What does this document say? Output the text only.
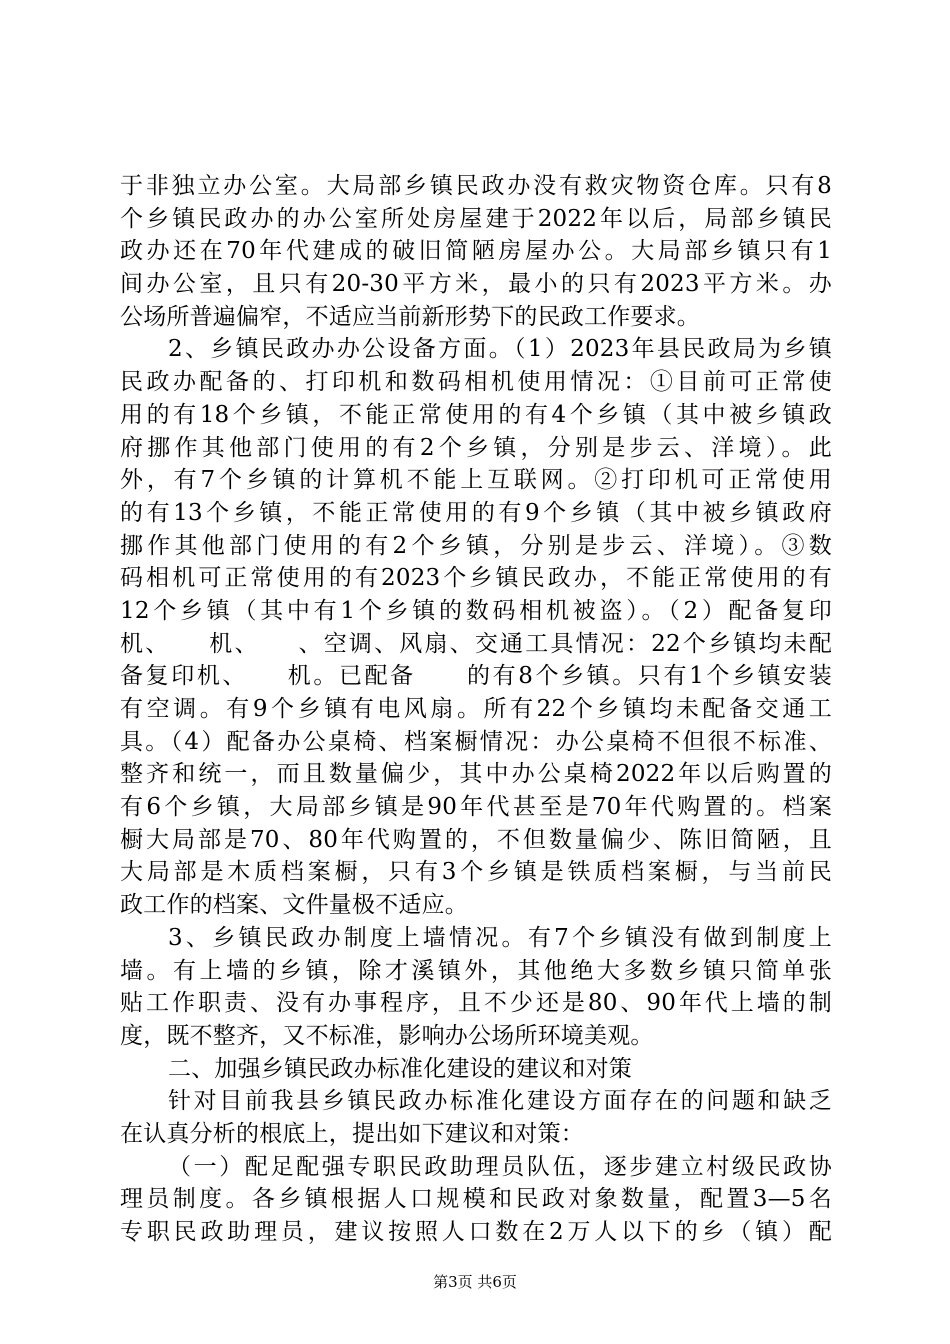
于非独立办公室。大局部乡镇民政办没有救灾物资仓库。只有8
个乡镇民政办的办公室所处房屋建于2022年以后，局部乡镇民
政办还在70年代建成的破旧简陋房屋办公。大局部乡镇只有1
间办公室，且只有20-30平方米，最小的只有2023平方米。办
公场所普遍偏窄，不适应当前新形势下的民政工作要求。
2、乡镇民政办办公设备方面。（1）2023年县民政局为乡镇
民政办配备的、打印机和数码相机使用情况：①目前可正常使
用的有18个乡镇，不能正常使用的有4个乡镇（其中被乡镇政
府挪作其他部门使用的有2个乡镇，分别是步云、洋境）。此
外，有7个乡镇的计算机不能上互联网。②打印机可正常使用
的有13个乡镇，不能正常使用的有9个乡镇（其中被乡镇政府
挪作其他部门使用的有2个乡镇，分别是步云、洋境）。③数
码相机可正常使用的有2023个乡镇民政办，不能正常使用的有
12个乡镇（其中有1个乡镇的数码相机被盗）。（2）配备复印
机、　　机、　　、空调、风扇、交通工具情况：22个乡镇均未配
备复印机、　　机。已配备　　的有8个乡镇。只有1个乡镇安装
有空调。有9个乡镇有电风扇。所有22个乡镇均未配备交通工
具。（4）配备办公桌椅、档案橱情况：办公桌椅不但很不标准、
整齐和统一，而且数量偏少，其中办公桌椅2022年以后购置的
有6个乡镇，大局部乡镇是90年代甚至是70年代购置的。档案
橱大局部是70、80年代购置的，不但数量偏少、陈旧简陋，且
大局部是木质档案橱，只有3个乡镇是铁质档案橱，与当前民
政工作的档案、文件量极不适应。
3、乡镇民政办制度上墙情况。有7个乡镇没有做到制度上
墙。有上墙的乡镇，除才溪镇外，其他绝大多数乡镇只简单张
贴工作职责、没有办事程序，且不少还是80、90年代上墙的制
度，既不整齐，又不标准，影响办公场所环境美观。
二、加强乡镇民政办标准化建设的建议和对策
针对目前我县乡镇民政办标准化建设方面存在的问题和缺乏
在认真分析的根底上，提出如下建议和对策：
（一）配足配强专职民政助理员队伍，逐步建立村级民政协
理员制度。各乡镇根据人口规模和民政对象数量，配置3—5名
专职民政助理员，建议按照人口数在2万人以下的乡（镇）配
第3页 共6页
